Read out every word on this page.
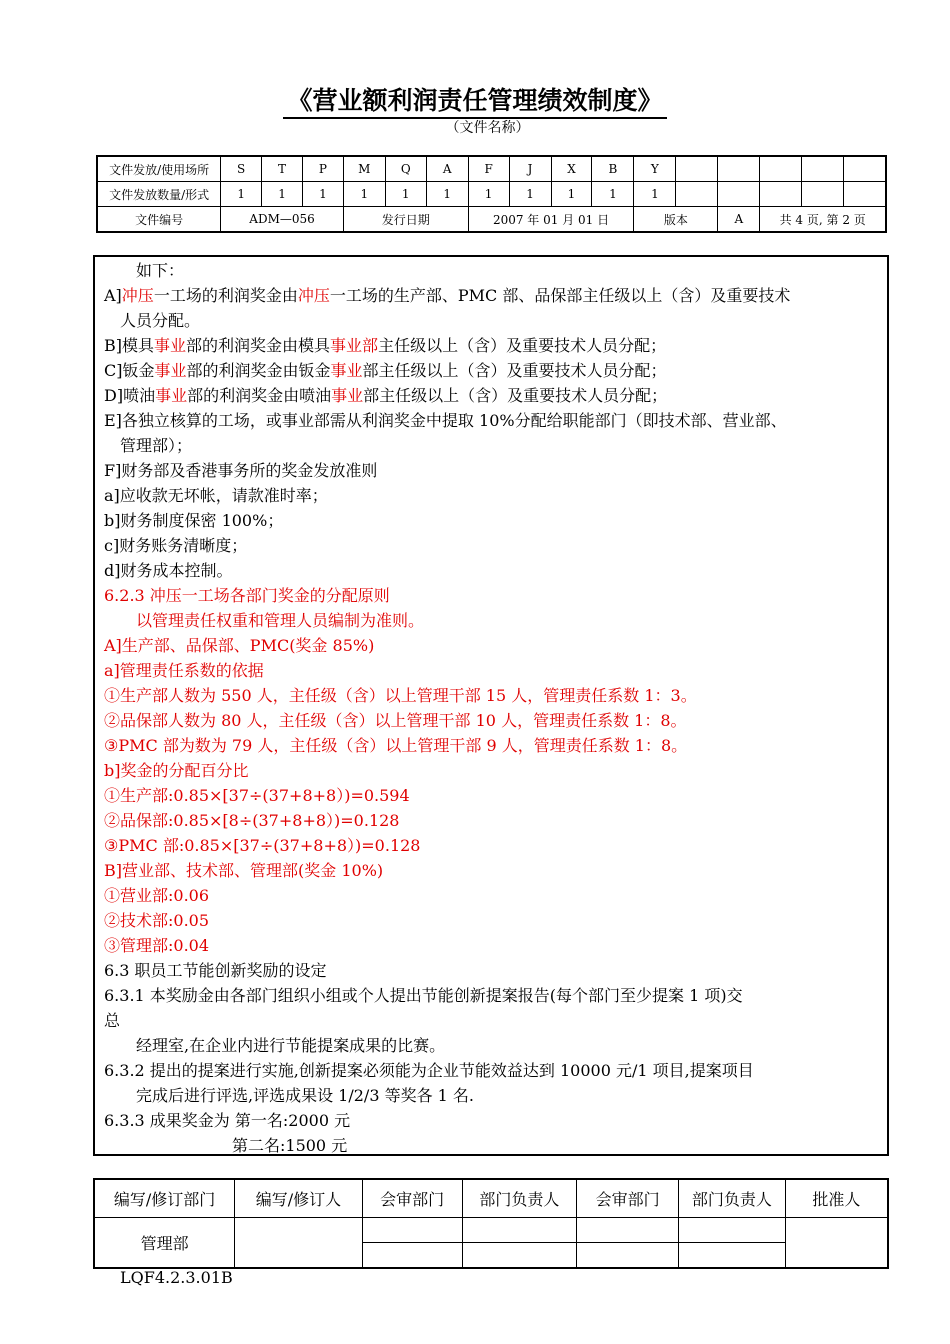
《营业额利润责任管理绩效制度》
（文件名称）
文件发放/使用场所	S	T	P	M	Q	A	F	J	X	B	Y					
文件发放数量/形式	1	1	1	1	1	1	1	1	1	1	1					
文件编号	ADM—056			发行日期			2007 年 01 月 01 日				版本		A	共 4 页, 第 2 页		
　　如下：
A]冲压一工场的利润奖金由冲压一工场的生产部、PMC 部、品保部主任级以上（含）及重要技术
　人员分配。
B]模具事业部的利润奖金由模具事业部主任级以上（含）及重要技术人员分配；
C]钣金事业部的利润奖金由钣金事业部主任级以上（含）及重要技术人员分配；
D]喷油事业部的利润奖金由喷油事业部主任级以上（含）及重要技术人员分配；
E]各独立核算的工场，或事业部需从利润奖金中提取 10%分配给职能部门（即技术部、营业部、
　管理部）；
F]财务部及香港事务所的奖金发放准则
a]应收款无坏帐，请款准时率；
b]财务制度保密 100%；
c]财务账务清晰度；
d]财务成本控制。
6.2.3 冲压一工场各部门奖金的分配原则
　　以管理责任权重和管理人员编制为准则。
A]生产部、品保部、PMC(奖金 85%)
a]管理责任系数的依据
①生产部人数为 550 人，主任级（含）以上管理干部 15 人，管理责任系数 1：3。
②品保部人数为 80 人，主任级（含）以上管理干部 10 人，管理责任系数 1：8。
③PMC 部为数为 79 人，主任级（含）以上管理干部 9 人，管理责任系数 1：8。
b]奖金的分配百分比
①生产部:0.85×[37÷(37+8+8）)=0.594
②品保部:0.85×[8÷(37+8+8）)=0.128
③PMC 部:0.85×[37÷(37+8+8）)=0.128
B]营业部、技术部、管理部(奖金 10%)
①营业部:0.06
②技术部:0.05
③管理部:0.04
6.3 职员工节能创新奖励的设定
6.3.1 本奖励金由各部门组织小组或个人提出节能创新提案报告(每个部门至少提案 1 项)交
总
　　经理室,在企业内进行节能提案成果的比赛。
6.3.2 提出的提案进行实施,创新提案必须能为企业节能效益达到 10000 元/1 项目,提案项目
　　完成后进行评选,评选成果设 1/2/3 等奖各 1 名.
6.3.3 成果奖金为 第一名:2000 元
　　　　　　　　第二名:1500 元
编写/修订部门	编写/修订人	会审部门	部门负责人	会审部门	部门负责人	批准人
管理部						

LQF4.2.3.01B
